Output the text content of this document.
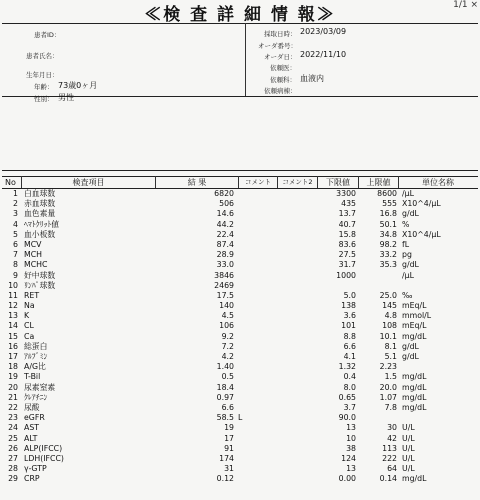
≪検 査 詳 細 情 報≫	1/1 ×
患者ID：
患者氏名：
生年月日：
年齢： 73歳0ヶ月
性別： 男性
採取日時： 2023/03/09
オーダ番号：
オーダ日： 2022/11/10
依頼医：
依頼科： 血液内
依頼病棟：
No	検査項目	結 果	コメント	コメント2	下限値	上限値	単位名称
1 白血球数	6820	3300	8600 /μL
2 赤血球数	506	435	555 X10^4/μL
3 血色素量	14.6	13.7	16.8 g/dL
4 ﾍﾏﾄｸﾘｯﾄ値	44.2	40.7	50.1 %
5 血小板数	22.4	15.8	34.8 X10^4/μL
6 MCV	87.4	83.6	98.2 fL
7 MCH	28.9	27.5	33.2 pg
8 MCHC	33.0	31.7	35.3 g/dL
9 好中球数	3846	1000	/μL
10 ﾘﾝﾊﾟ球数	2469
11 RET	17.5	5.0	25.0 ‰
12 Na	140	138	145 mEq/L
13 K	4.5	3.6	4.8 mmol/L
14 CL	106	101	108 mEq/L
15 Ca	9.2	8.8	10.1 mg/dL
16 総蛋白	7.2	6.6	8.1 g/dL
17 ｱﾙﾌﾞﾐﾝ	4.2	4.1	5.1 g/dL
18 A/G比	1.40	1.32	2.23
19 T-Bil	0.5	0.4	1.5 mg/dL
20 尿素窒素	18.4	8.0	20.0 mg/dL
21 ｸﾚｱﾁﾆﾝ	0.97	0.65	1.07 mg/dL
22 尿酸	6.6	3.7	7.8 mg/dL
23 eGFR	58.5 L	90.0
24 AST	19	13	30 U/L
25 ALT	17	10	42 U/L
26 ALP(IFCC)	91	38	113 U/L
27 LDH(IFCC)	174	124	222 U/L
28 γ-GTP	31	13	64 U/L
29 CRP	0.12	0.00	0.14 mg/dL
